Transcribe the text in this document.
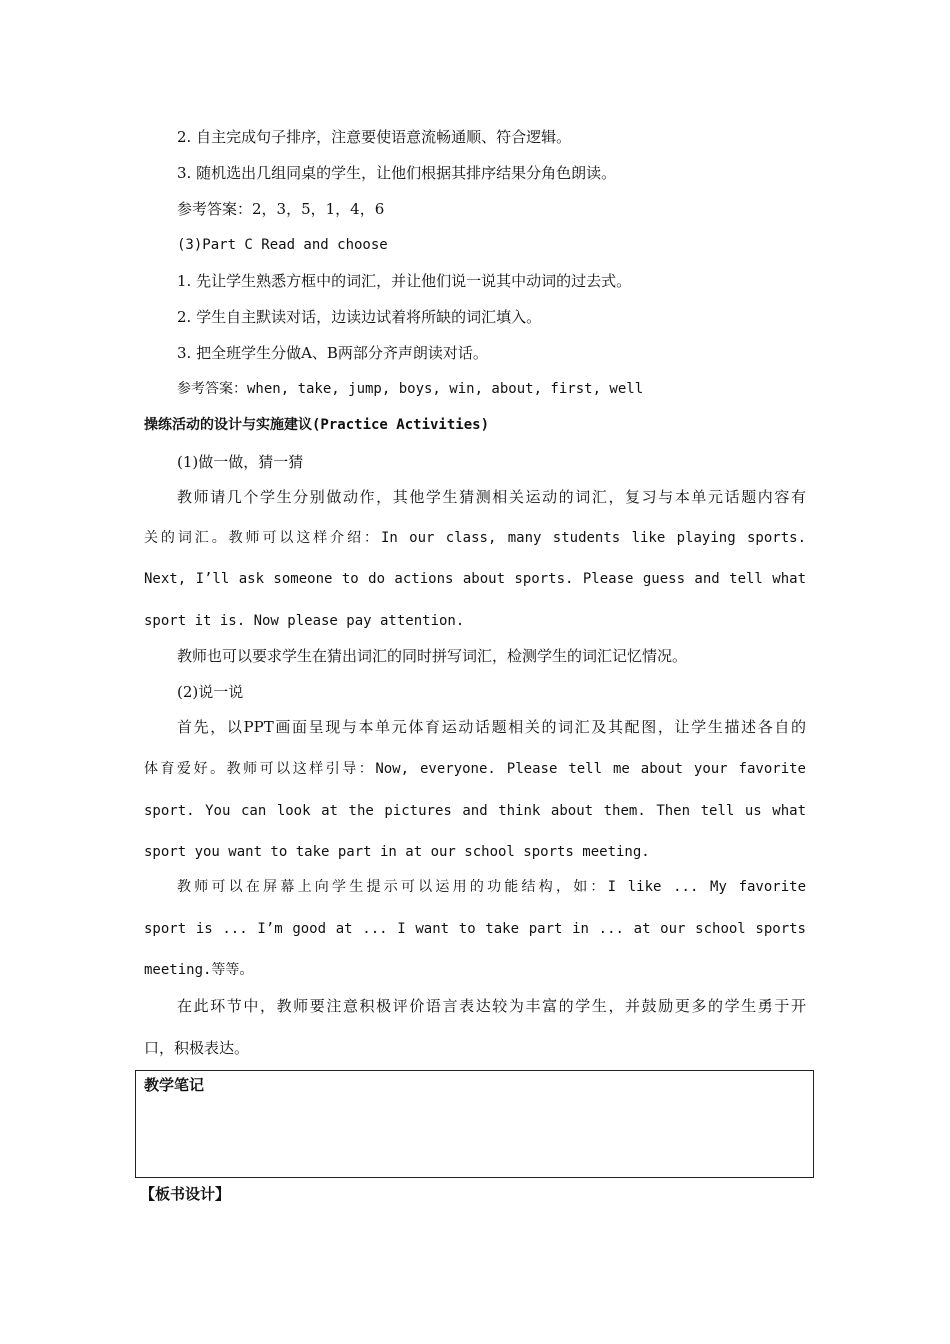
2. 自主完成句子排序，注意要使语意流畅通顺、符合逻辑。
3. 随机选出几组同桌的学生，让他们根据其排序结果分角色朗读。
参考答案：2，3，5，1，4，6
(3)Part C Read and choose
1. 先让学生熟悉方框中的词汇，并让他们说一说其中动词的过去式。
2. 学生自主默读对话，边读边试着将所缺的词汇填入。
3. 把全班学生分做A、B两部分齐声朗读对话。
参考答案：when, take, jump, boys, win, about, first, well
操练活动的设计与实施建议(Practice Activities)
(1)做一做，猜一猜
教师请几个学生分别做动作，其他学生猜测相关运动的词汇，复习与本单元话题内容有
关的词汇。教师可以这样介绍：In our class, many students like playing sports.
Next, I’ll ask someone to do actions about sports. Please guess and tell what
sport it is. Now please pay attention.
教师也可以要求学生在猜出词汇的同时拼写词汇，检测学生的词汇记忆情况。
(2)说一说
首先，以PPT画面呈现与本单元体育运动话题相关的词汇及其配图，让学生描述各自的
体育爱好。教师可以这样引导：Now, everyone. Please tell me about your favorite
sport. You can look at the pictures and think about them. Then tell us what
sport you want to take part in at our school sports meeting.
教师可以在屏幕上向学生提示可以运用的功能结构，如：I like ... My favorite
sport is ... I’m good at ... I want to take part in ... at our school sports
meeting.等等。
在此环节中，教师要注意积极评价语言表达较为丰富的学生，并鼓励更多的学生勇于开
口，积极表达。
教学笔记
【板书设计】
